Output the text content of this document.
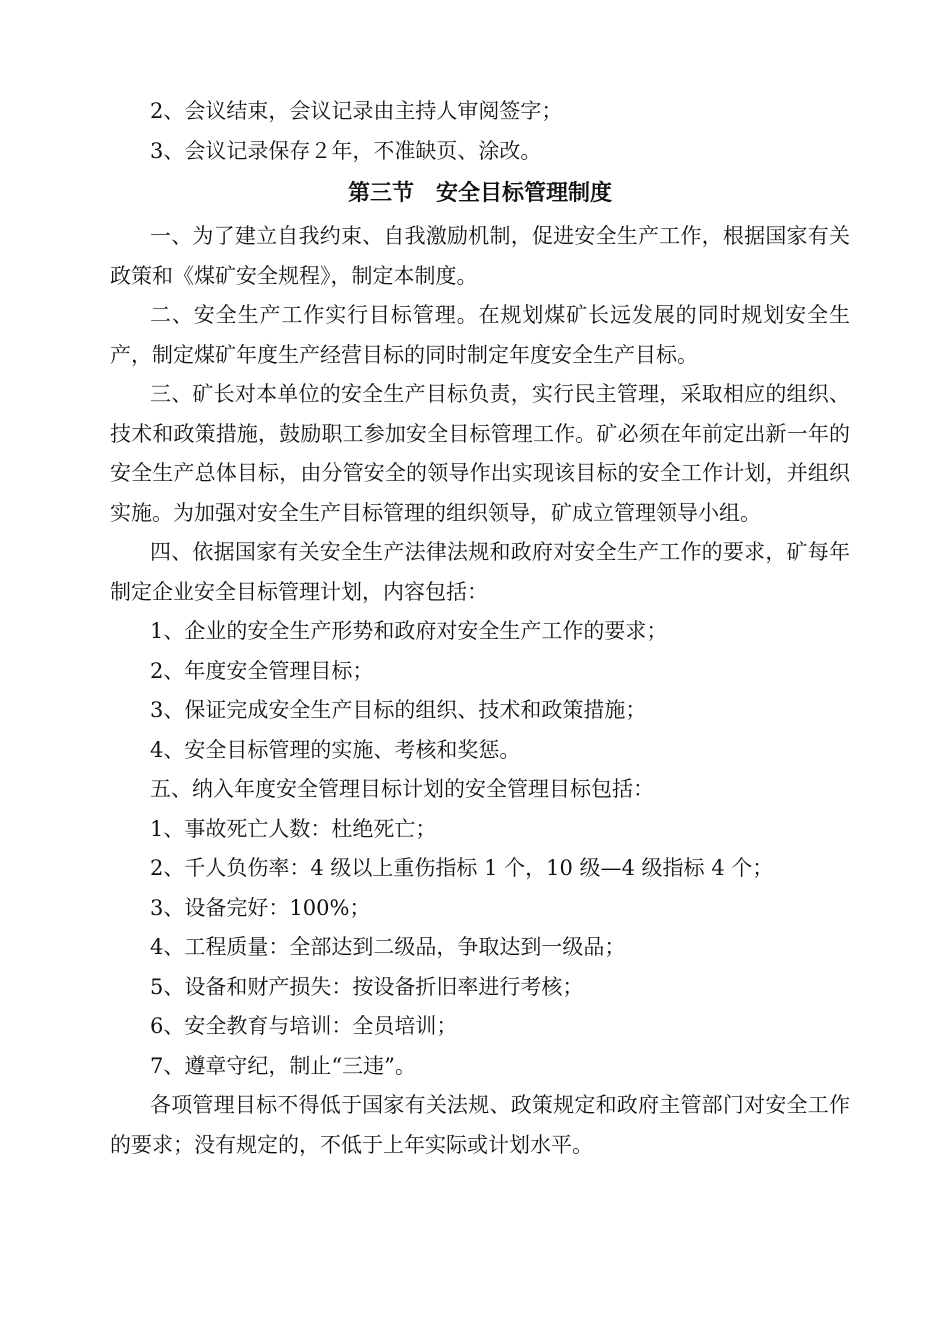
2、会议结束，会议记录由主持人审阅签字；
3、会议记录保存２年，不准缺页、涂改。
第三节　安全目标管理制度
一、为了建立自我约束、自我激励机制，促进安全生产工作，根据国家有关政策和《煤矿安全规程》，制定本制度。
二、安全生产工作实行目标管理。在规划煤矿长远发展的同时规划安全生产，制定煤矿年度生产经营目标的同时制定年度安全生产目标。
三、矿长对本单位的安全生产目标负责，实行民主管理，采取相应的组织、技术和政策措施，鼓励职工参加安全目标管理工作。矿必须在年前定出新一年的安全生产总体目标，由分管安全的领导作出实现该目标的安全工作计划，并组织实施。为加强对安全生产目标管理的组织领导，矿成立管理领导小组。
四、依据国家有关安全生产法律法规和政府对安全生产工作的要求，矿每年制定企业安全目标管理计划，内容包括：
1、企业的安全生产形势和政府对安全生产工作的要求；
2、年度安全管理目标；
3、保证完成安全生产目标的组织、技术和政策措施；
4、安全目标管理的实施、考核和奖惩。
五、纳入年度安全管理目标计划的安全管理目标包括：
1、事故死亡人数：杜绝死亡；
2、千人负伤率：4 级以上重伤指标 1 个，10 级—4 级指标 4 个；
3、设备完好：100%；
4、工程质量：全部达到二级品，争取达到一级品；
5、设备和财产损失：按设备折旧率进行考核；
6、安全教育与培训：全员培训；
7、遵章守纪，制止“三违”。
各项管理目标不得低于国家有关法规、政策规定和政府主管部门对安全工作的要求；没有规定的，不低于上年实际或计划水平。
